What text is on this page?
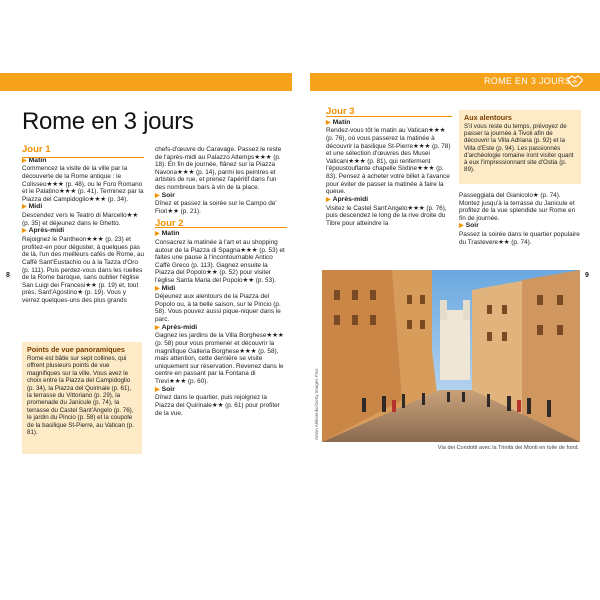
ROME EN 3 JOURS
Rome en 3 jours

Jour 1

▶ Matin

Commencez la visite de la ville par la découverte de la Rome antique : le Colisseo★★★ (p. 48), ou le Foro Romano et le Palatino★★★ (p. 41). Terminez par la Piazza del Campidoglio★★★ (p. 34).

▶ Midi

Descendez vers le Teatro di Marcello★★ (p. 35) et déjeunez dans le Ghetto.

▶ Après-midi

Rejoignez le Pantheon★★★ (p. 23) et profitez-en pour déguster, à quelques pas de là, l'un des meilleurs cafés de Rome, au Caffè Sant'Eustachio ou à la Tazza d'Oro (p. 111). Puis perdez-vous dans les ruelles de la Rome baroque, sans oublier l'église San Luigi dei Francesi★★ (p. 19) et, tout près, Sant'Agostino★ (p. 19). Vous y verrez quelques-uns des plus grands

Points de vue panoramiques

Rome est bâtie sur sept collines, qui offrent plusieurs points de vue magnifiques sur la ville. Vous avez le choix entre la Piazza del Campidoglio (p. 34), la Piazza del Quirinale (p. 61), la terrasse du Vittoriano (p. 29), la promenade du Janicule (p. 74), la terrasse du Castel Sant'Angelo (p. 76), le jardin du Pincio (p. 58) et la coupole de la basilique St-Pierre, au Vatican (p. 81).

chefs-d'œuvre du Caravage. Passez le reste de l'après-midi au Palazzo Altemps★★★ (p. 18). En fin de journée, flânez sur la Piazza Navona★★★ (p. 14), parmi les peintres et artistes de rue, et prenez l'apéritif dans l'un des nombreux bars à vin de la place.

▶ Soir

Dînez et passez la soirée sur le Campo de' Fiori★★ (p. 21).

Jour 2

▶ Matin

Consacrez la matinée à l'art et au shopping autour de la Piazza di Spagna★★★ (p. 53) et faites une pause à l'incontournable Antico Caffè Greco (p. 113). Gagnez ensuite la Piazza del Popolo★★ (p. 52) pour visiter l'église Santa Maria del Popolo★★ (p. 53).

▶ Midi

Déjeunez aux alentours de la Piazza del Popolo ou, à la belle saison, sur le Pincio (p. 58). Vous pouvez aussi pique-niquer dans le parc.

▶ Après-midi

Gagnez les jardins de la Villa Borghese★★★ (p. 58) pour vous promener et découvrir la magnifique Galleria Borghese★★★ (p. 58), mais attention, cette dernière se visite uniquement sur réservation. Revenez dans le centre en passant par la Fontana di Trevi★★★ (p. 60).

▶ Soir

Dînez dans le quartier, puis rejoignez la Piazza del Quirinale★★ (p. 61) pour profiter de la vue.

8	9

Jour 3

▶ Matin

Rendez-vous tôt le matin au Vatican★★★ (p. 76), où vous passerez la matinée à découvrir la basilique St-Pierre★★★ (p. 78) et une sélection d'œuvres des Musei Vaticani★★★ (p. 81), qui renferment l'époustouflante chapelle Sixtine★★★ (p. 83). Pensez à acheter votre billet à l'avance pour éviter de passer la matinée à faire la queue.

▶ Après-midi

Visitez le Castel Sant'Angelo★★★ (p. 76), puis descendez le long de la rive droite du Tibre pour atteindre la

Aux alentours

S'il vous reste du temps, prévoyez de passer la journée à Tivoli afin de découvrir la Villa Adriana (p. 92) et la Villa d'Este (p. 94). Les passionnés d'archéologie romaine iront visiter quant à eux l'impressionnant site d'Ostia (p. 89).

Passeggiata del Gianicolo★ (p. 74). Montez jusqu'à la terrasse du Janicule et profitez de la vue splendide sur Rome en fin de journée.

▶ Soir

Passez la soirée dans le quartier populaire du Trastevere★★ (p. 74).

Anton Aleksenko/Getty Images Plus
Via dei Condotti avec la Trinità dei Monti en toile de fond.
